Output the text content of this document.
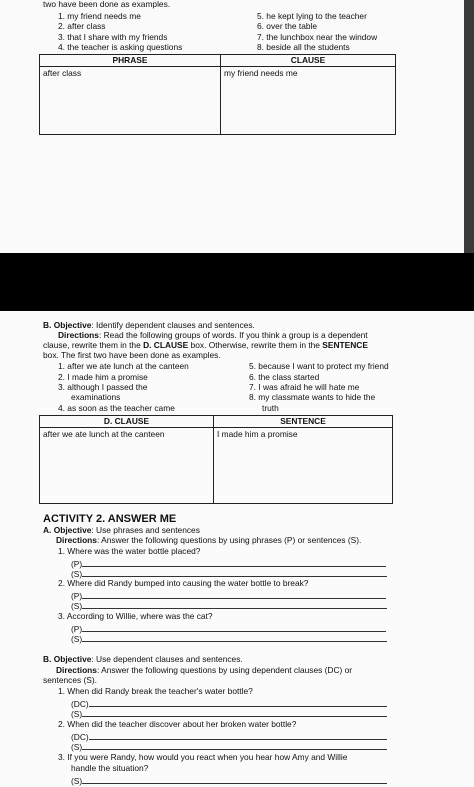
two have been done as examples.
1. my friend needs me
2. after class
3. that I share with my friends
4. the teacher is asking questions
5. he kept lying to the teacher
6. over the table
7. the lunchbox near the window
8. beside all the students
PHRASE	CLAUSE
after class	my friend needs me
B. Objective: Identify dependent clauses and sentences.
Directions: Read the following groups of words. If you think a group is a dependent
clause, rewrite them in the D. CLAUSE box. Otherwise, rewrite them in the SENTENCE
box. The first two have been done as examples.
1. after we ate lunch at the canteen
2. I made him a promise
3. although I passed the
examinations
4. as soon as the teacher came
5. because I want to protect my friend
6. the class started
7. I was afraid he will hate me
8. my classmate wants to hide the
truth
D. CLAUSE	SENTENCE
after we ate lunch at the canteen	I made him a promise
ACTIVITY 2. ANSWER ME
A. Objective: Use phrases and sentences
Directions: Answer the following questions by using phrases (P) or sentences (S).
1. Where was the water bottle placed?
(P)
(S)
2. Where did Randy bumped into causing the water bottle to break?
(P)
(S)
3. According to Willie, where was the cat?
(P)
(S)
B. Objective: Use dependent clauses and sentences.
Directions: Answer the following questions by using dependent clauses (DC) or
sentences (S).
1. When did Randy break the teacher's water bottle?
(DC)
(S)
2. When did the teacher discover about her broken water bottle?
(DC)
(S)
3. If you were Randy, how would you react when you hear how Amy and Willie
handle the situation?
(S)
